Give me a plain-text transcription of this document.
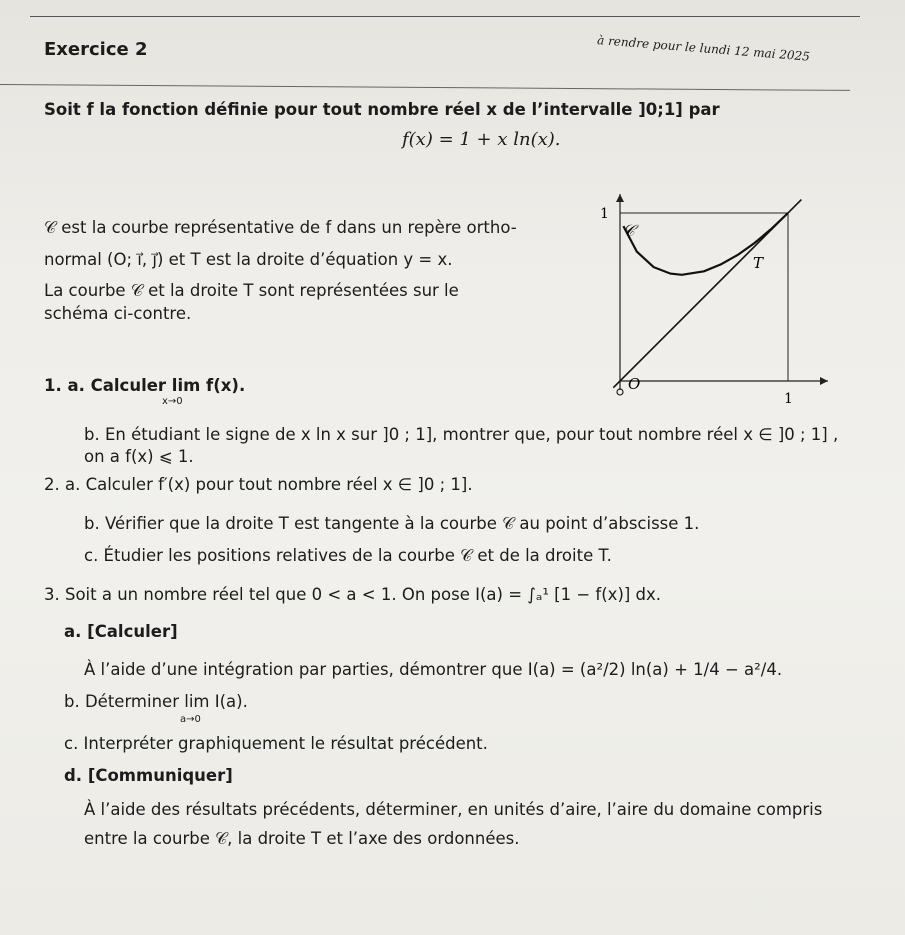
Exercice 2	à rendre pour le lundi 12 mai 2025
Soit f la fonction définie pour tout nombre réel x de l’intervalle ]0;1] par
f(x) = 1 + x ln(x).
𝒞 est la courbe représentative de f dans un repère ortho-
normal (O; i⃗, j⃗) et T est la droite d’équation y = x.
La courbe 𝒞 et la droite T sont représentées sur le
schéma ci-contre.
1
1
𝒞
T
O
1. a. Calculer lim f(x).
x→0
b. En étudiant le signe de x ln x sur ]0 ; 1], montrer que, pour tout nombre réel x ∈ ]0 ; 1] ,
on a f(x) ⩽ 1.
2. a. Calculer f′(x) pour tout nombre réel x ∈ ]0 ; 1].
b. Vérifier que la droite T est tangente à la courbe 𝒞 au point d’abscisse 1.
c. Étudier les positions relatives de la courbe 𝒞 et de la droite T.
3. Soit a un nombre réel tel que 0 < a < 1. On pose I(a) = ∫ₐ¹ [1 − f(x)] dx.
a. [Calculer]
À l’aide d’une intégration par parties, démontrer que I(a) = (a²/2) ln(a) + 1/4 − a²/4.
b. Déterminer lim I(a).
a→0
c. Interpréter graphiquement le résultat précédent.
d. [Communiquer]
À l’aide des résultats précédents, déterminer, en unités d’aire, l’aire du domaine compris
entre la courbe 𝒞, la droite T et l’axe des ordonnées.
